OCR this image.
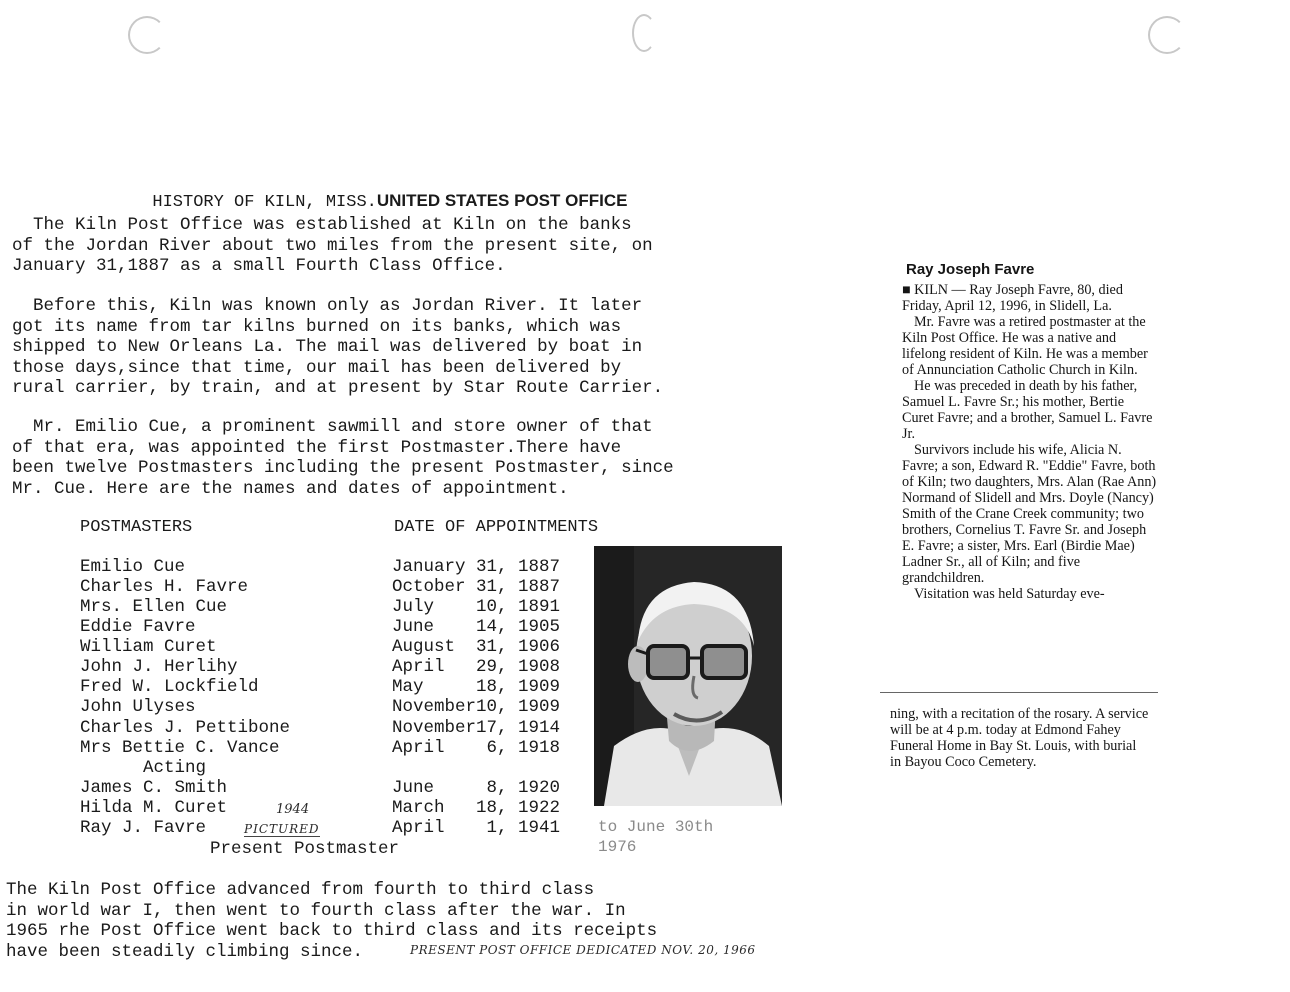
HISTORY OF KILN, MISS.UNITED STATES POST OFFICE

The Kiln Post Office was established at Kiln on the banks
of the Jordan River about two miles from the present site, on
January 31,1887 as a small Fourth Class Office.
Before this, Kiln was known only as Jordan River. It later
got its name from tar kilns burned on its banks, which was
shipped to New Orleans La. The mail was delivered by boat in
those days,since that time, our mail has been delivered by
rural carrier, by train, and at present by Star Route Carrier.
Mr. Emilio Cue, a prominent sawmill and store owner of that
of that era, was appointed the first Postmaster.There have
been twelve Postmasters including the present Postmaster, since
Mr. Cue. Here are the names and dates of appointment.
POSTMASTERS	DATE OF APPOINTMENTS
Emilio Cue	January 31, 1887
Charles H. Favre	October 31, 1887
Mrs. Ellen Cue	July    10, 1891
Eddie Favre	June    14, 1905
William Curet	August  31, 1906
John J. Herlihy	April   29, 1908
Fred W. Lockfield	May     18, 1909
John Ulyses	November10, 1909
Charles J. Pettibone	November17, 1914
Mrs Bettie C. Vance	April    6, 1918
Acting
James C. Smith	June     8, 1920
Hilda M. Curet	March   18, 1922
Ray J. Favre	April    1, 1941
Present Postmaster
1944
PICTURED
PRESENT POST OFFICE DEDICATED NOV. 20, 1966
to June 30th
1976
The Kiln Post Office advanced from fourth to third class
in world war I, then went to fourth class after the war. In
1965 rhe Post Office went back to third class and its receipts
have been steadily climbing since.
Ray Joseph Favre

■ KILN — Ray Joseph Favre, 80, died Friday, April 12, 1996, in Slidell, La.

Mr. Favre was a retired postmaster at the Kiln Post Office. He was a native and lifelong resident of Kiln. He was a member of Annunciation Catholic Church in Kiln.

He was preceded in death by his father, Samuel L. Favre Sr.; his mother, Bertie Curet Favre; and a brother, Samuel L. Favre Jr.

Survivors include his wife, Alicia N. Favre; a son, Edward R. "Eddie" Favre, both of Kiln; two daughters, Mrs. Alan (Rae Ann) Normand of Slidell and Mrs. Doyle (Nancy) Smith of the Crane Creek community; two brothers, Cornelius T. Favre Sr. and Joseph E. Favre; a sister, Mrs. Earl (Birdie Mae) Ladner Sr., all of Kiln; and five grandchildren.

Visitation was held Saturday eve-

ning, with a recitation of the rosary. A service will be at 4 p.m. today at Edmond Fahey Funeral Home in Bay St. Louis, with burial in Bayou Coco Cemetery.
